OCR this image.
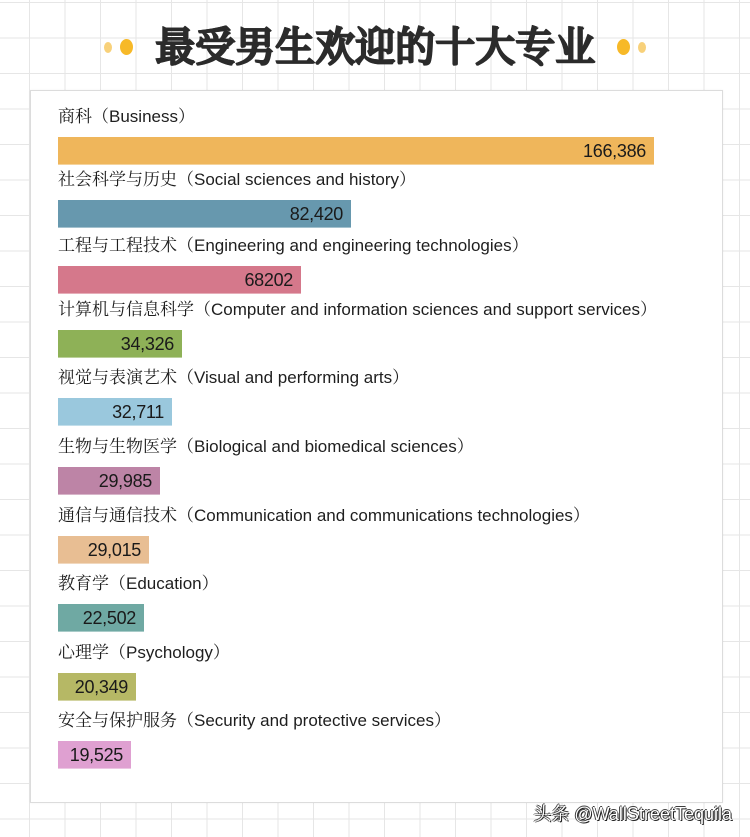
最受男生欢迎的十大专业
商科（Business）
166,386
社会科学与历史（Social sciences and history）
82,420
工程与工程技术（Engineering and engineering technologies）
68202
计算机与信息科学（Computer and information sciences and support services）
34,326
视觉与表演艺术（Visual and performing arts）
32,711
生物与生物医学（Biological and biomedical sciences）
29,985
通信与通信技术（Communication and communications technologies）
29,015
教育学（Education）
22,502
心理学（Psychology）
20,349
安全与保护服务（Security and protective services）
19,525
头条 @WallStreetTequila
